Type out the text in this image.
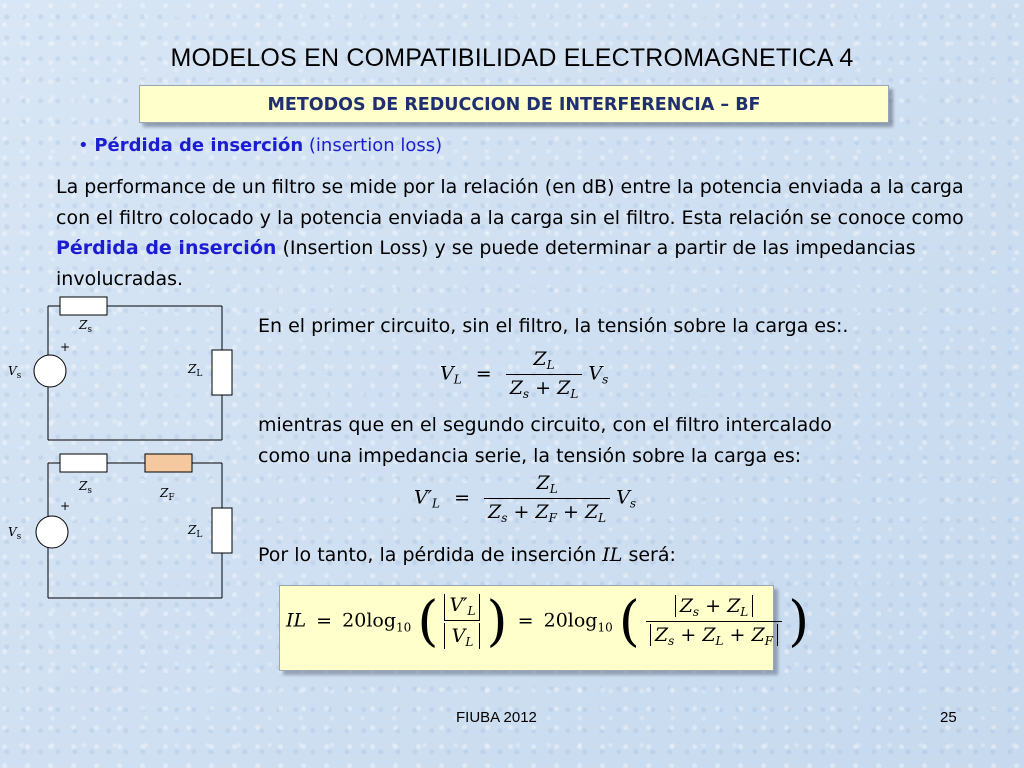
MODELOS EN COMPATIBILIDAD ELECTROMAGNETICA 4
METODOS DE REDUCCION DE INTERFERENCIA – BF
• Pérdida de inserción (insertion loss)
La performance de un filtro se mide por la relación (en dB) entre la potencia enviada a la carga con el filtro colocado y la potencia enviada a la carga sin el filtro. Esta relación se conoce como Pérdida de inserción (Insertion Loss) y se puede determinar a partir de las impedancias involucradas.
$V_s$
+
$Z_s$
$Z_L$
$V_s$
+
$Z_s$	$Z_F$
$Z_L$
En el primer circuito, sin el filtro, la tensión sobre la carga es:.
$V_L = \frac{Z_L}{Z_s + Z_L} V_s$
mientras que en el segundo circuito, con el filtro intercalado
como una impedancia serie, la tensión sobre la carga es:
$V'_L = \frac{Z_L}{Z_s + Z_F + Z_L} V_s$
Por lo tanto, la pérdida de inserción IL será:
IL = $20\log_{10}$ ( $\frac{V'_L}{V_L}$ ) = $20\log_{10}$ ( $\frac{Z_s + Z_L}{Z_s + Z_L + Z_F}$ )
FIUBA 2012	25
